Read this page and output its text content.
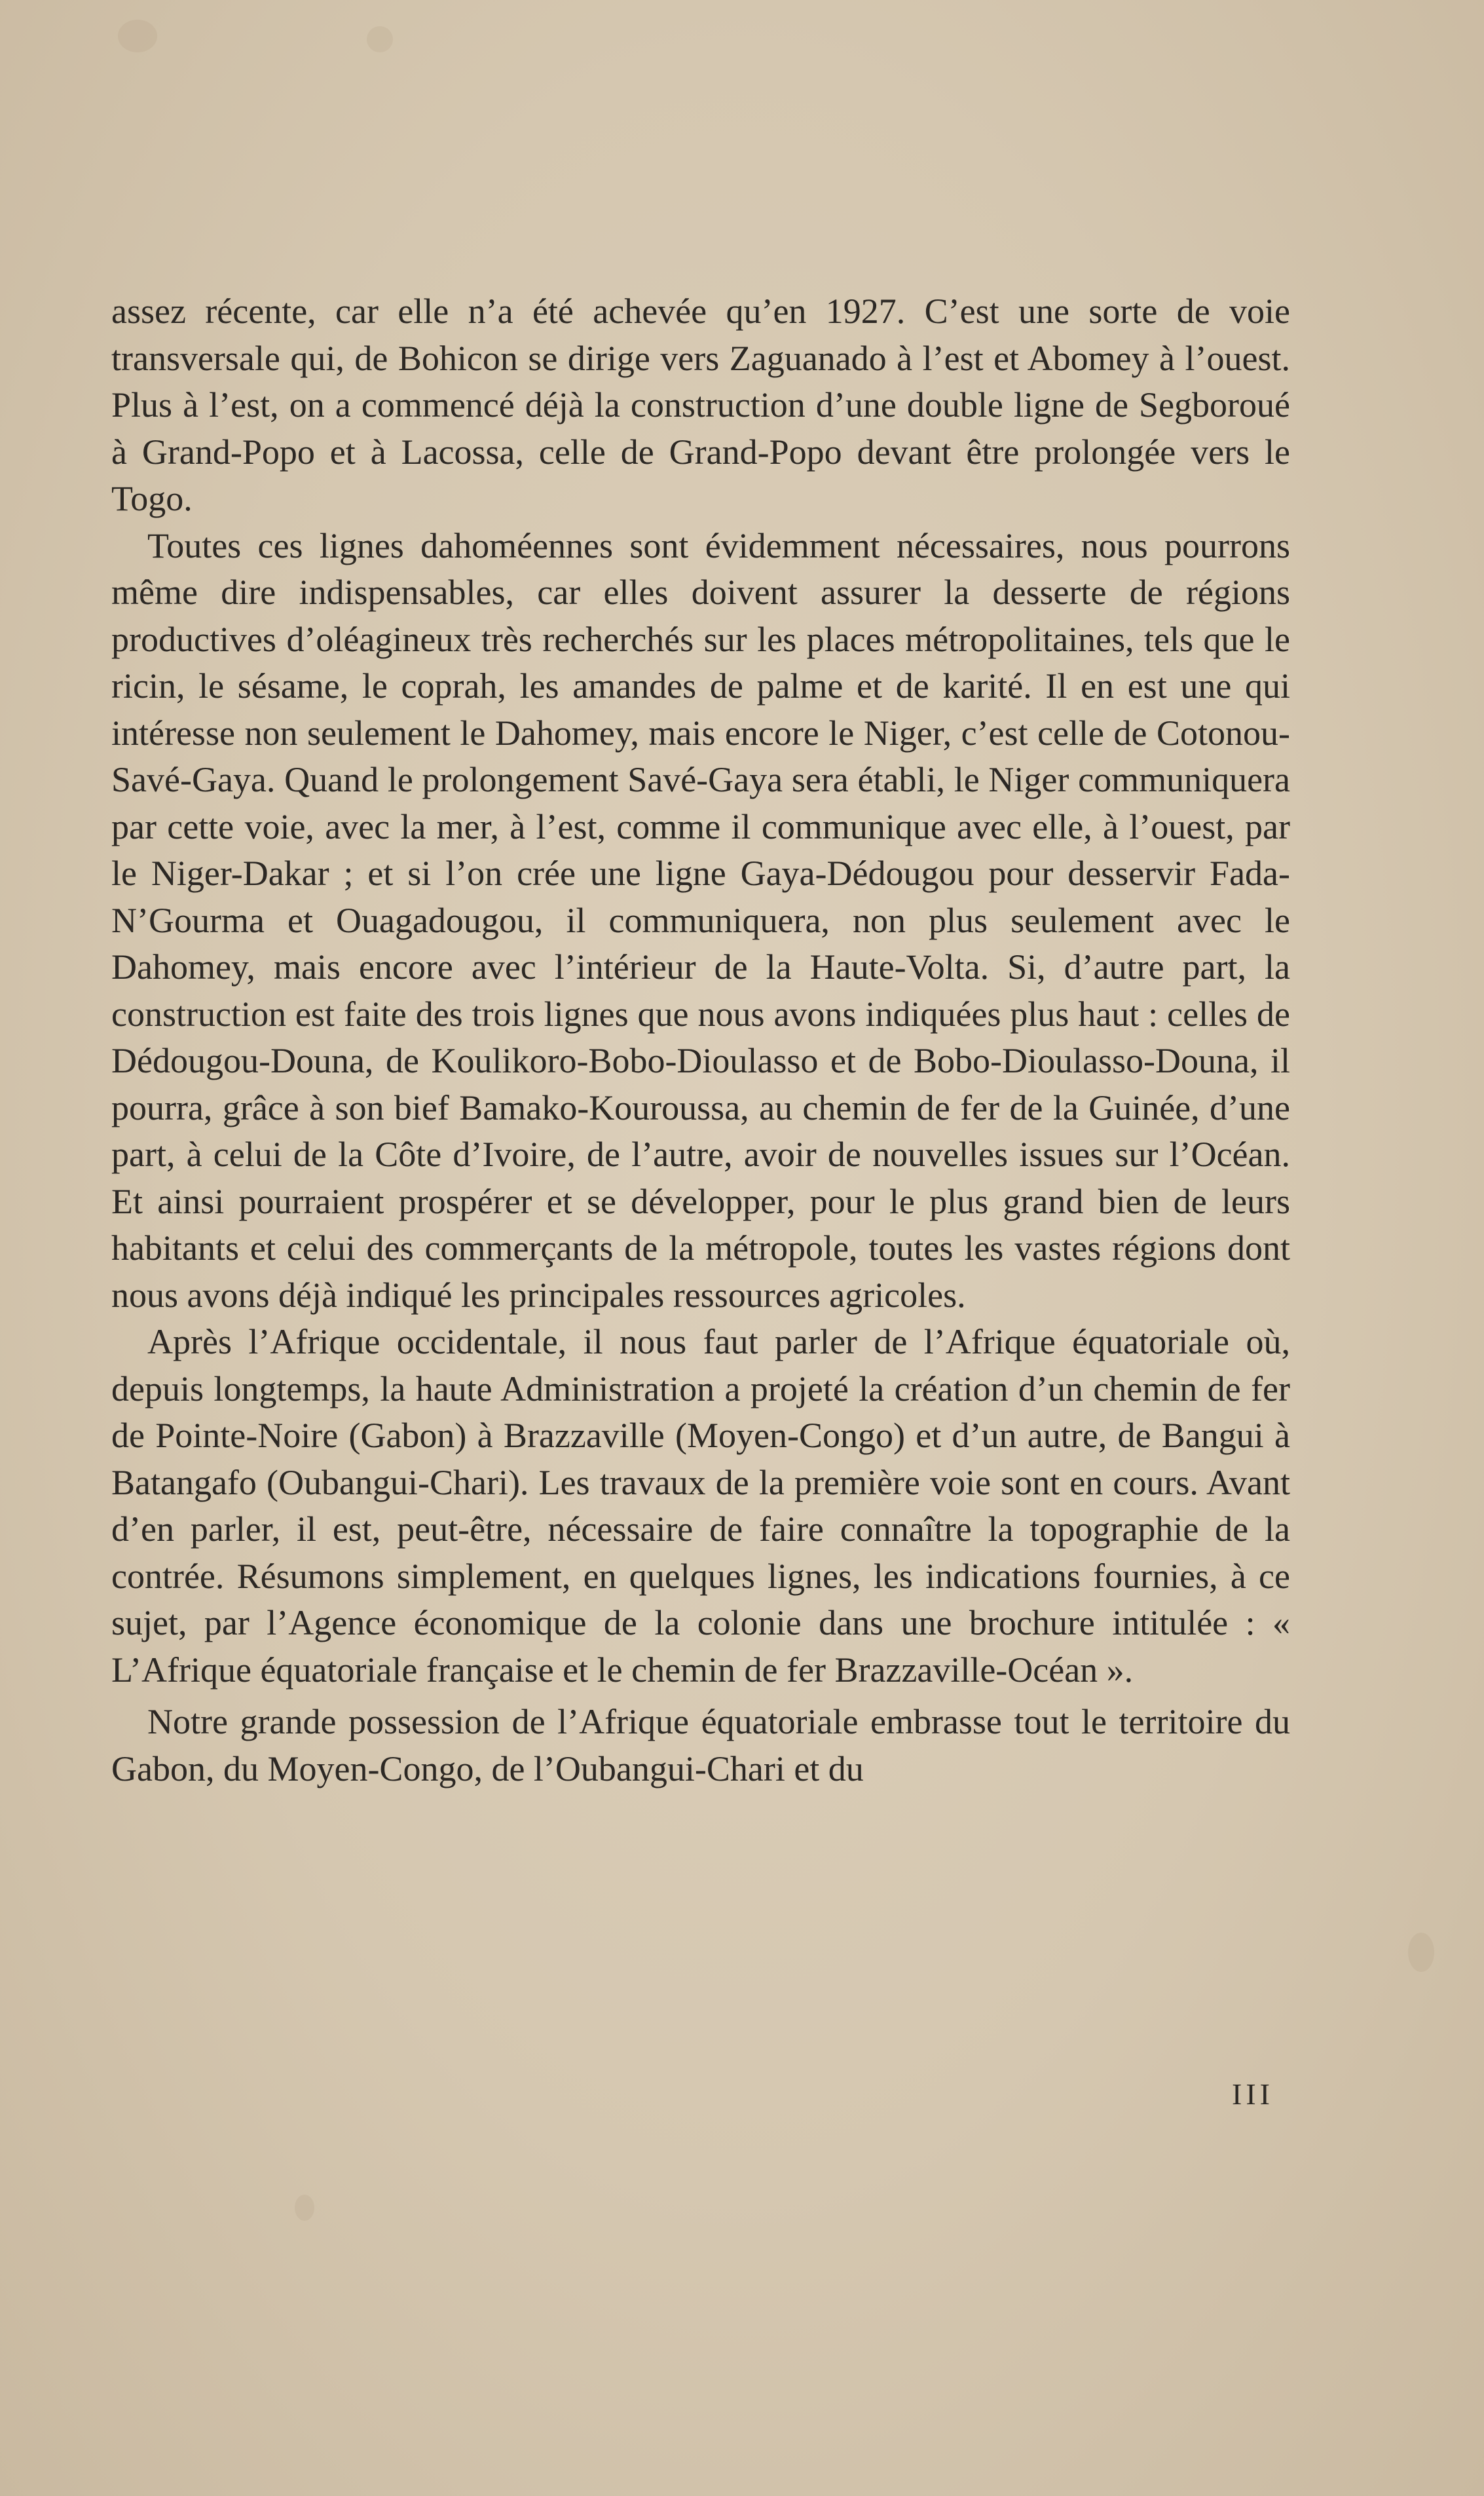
assez récente, car elle n’a été achevée qu’en 1927. C’est une sorte de voie transversale qui, de Bohicon se dirige vers Zaguanado à l’est et Abomey à l’ouest. Plus à l’est, on a commencé déjà la construction d’une double ligne de Segboroué à Grand-Popo et à Lacossa, celle de Grand-Popo devant être prolongée vers le Togo.

Toutes ces lignes dahoméennes sont évidemment nécessaires, nous pourrons même dire indispensables, car elles doivent assurer la desserte de régions productives d’oléagineux très recherchés sur les places métropolitaines, tels que le ricin, le sésame, le coprah, les amandes de palme et de karité. Il en est une qui intéresse non seulement le Dahomey, mais encore le Niger, c’est celle de Cotonou- Savé-Gaya. Quand le prolongement Savé-Gaya sera établi, le Niger communiquera par cette voie, avec la mer, à l’est, comme il communique avec elle, à l’ouest, par le Niger-Dakar ; et si l’on crée une ligne Gaya-Dédougou pour desservir Fada-N’Gourma et Ouagadougou, il communiquera, non plus seulement avec le Dahomey, mais encore avec l’intérieur de la Haute-Volta. Si, d’autre part, la construction est faite des trois lignes que nous avons indiquées plus haut : celles de Dédougou-Douna, de Koulikoro-Bobo-Dioulasso et de Bobo-Dioulasso-Douna, il pourra, grâce à son bief Bamako-Kouroussa, au chemin de fer de la Guinée, d’une part, à celui de la Côte d’Ivoire, de l’autre, avoir de nouvelles issues sur l’Océan. Et ainsi pourraient prospérer et se développer, pour le plus grand bien de leurs habitants et celui des commerçants de la métropole, toutes les vastes régions dont nous avons déjà indiqué les principales ressources agricoles.

Après l’Afrique occidentale, il nous faut parler de l’Afrique équatoriale où, depuis longtemps, la haute Administration a projeté la création d’un chemin de fer de Pointe-Noire (Gabon) à Brazzaville (Moyen-Congo) et d’un autre, de Bangui à Batangafo (Oubangui-Chari). Les travaux de la première voie sont en cours. Avant d’en parler, il est, peut-être, nécessaire de faire connaître la topographie de la contrée. Résumons simplement, en quelques lignes, les indications fournies, à ce sujet, par l’Agence économique de la colonie dans une brochure intitulée : « L’Afrique équatoriale française et le chemin de fer Brazzaville-Océan ».

Notre grande possession de l’Afrique équatoriale embrasse tout le territoire du Gabon, du Moyen-Congo, de l’Oubangui-Chari et du

III
